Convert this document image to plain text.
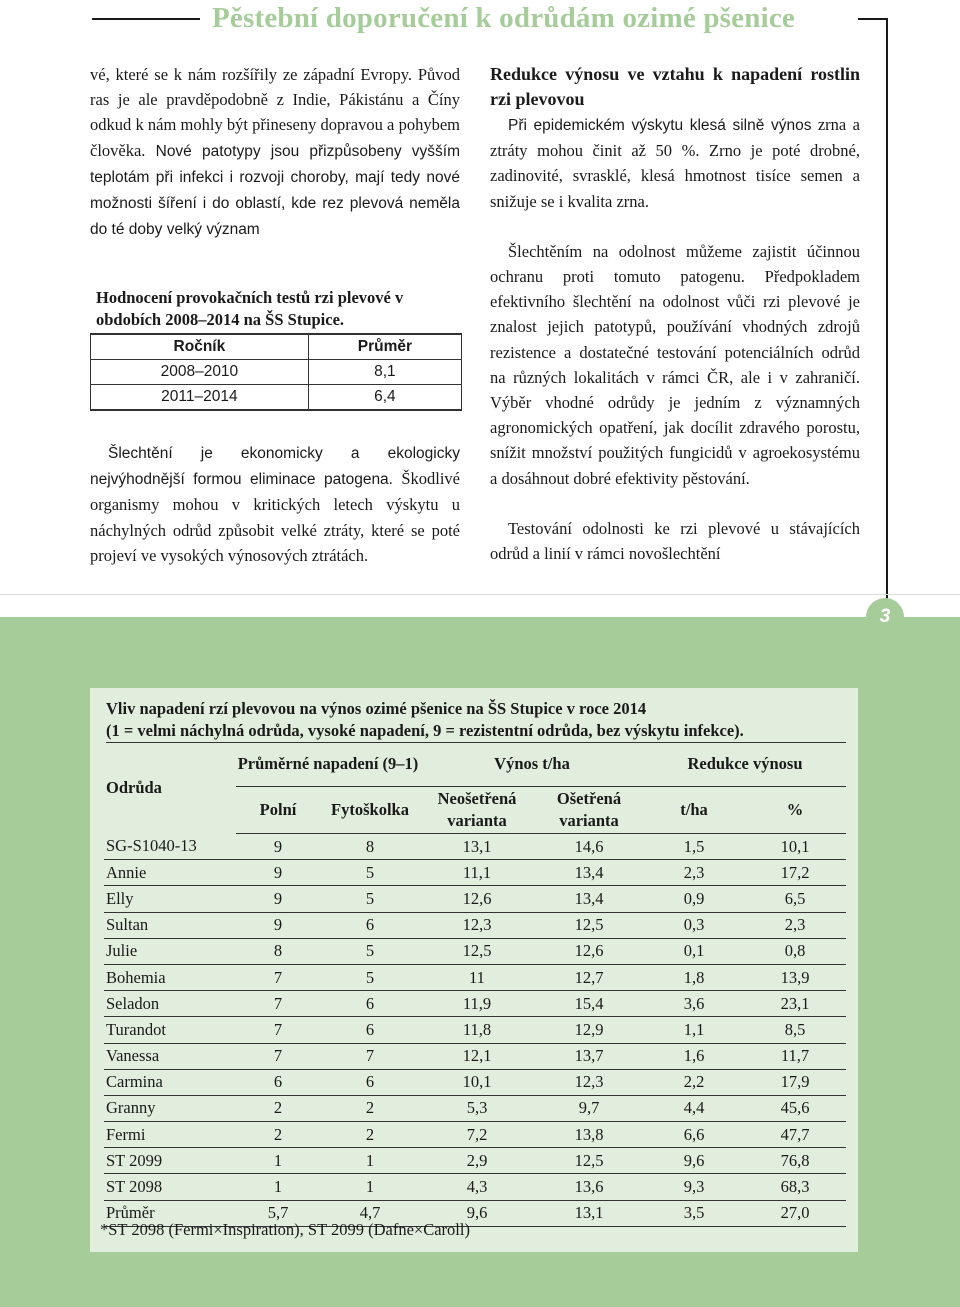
Pěstební doporučení k odrůdám ozimé pšenice

vé, které se k nám rozšířily ze západní Evropy. Původ ras je ale pravděpodobně z Indie, Pákistánu a Číny odkud k nám mohly být přineseny dopravou a pohybem člověka. Nové patotypy jsou přizpůsobeny vyšším teplotám při infekci i rozvoji choroby, mají tedy nové možnosti šíření i do oblastí, kde rez plevová neměla do té doby velký význam

Hodnocení provokačních testů rzi plevové v obdobích 2008–2014 na ŠS Stupice.
Ročník	Průměr
2008–2010	8,1
2011–2014	6,4

Šlechtění je ekonomicky a ekologicky nejvýhodnější formou eliminace patogena. Škodlivé organismy mohou v kritických letech výskytu u náchylných odrůd způsobit velké ztráty, které se poté projeví ve vysokých výnosových ztrátách.

Redukce výnosu ve vztahu k napadení rostlin rzi plevovou

Při epidemickém výskytu klesá silně výnos zrna a ztráty mohou činit až 50 %. Zrno je poté drobné, zadinovité, svrasklé, klesá hmotnost tisíce semen a snižuje se i kvalita zrna.

Šlechtěním na odolnost můžeme zajistit účinnou ochranu proti tomuto patogenu. Předpokladem efektivního šlechtění na odolnost vůči rzi plevové je znalost jejich patotypů, používání vhodných zdrojů rezistence a dostatečné testování potenciálních odrůd na různých lokalitách v rámci ČR, ale i v zahraničí. Výběr vhodné odrůdy je jedním z významných agronomických opatření, jak docílit zdravého porostu, snížit množství použitých fungicidů v agroekosystému a dosáhnout dobré efektivity pěstování.

Testování odolnosti ke rzi plevové u stávajících odrůd a linií v rámci novošlechtění

3
Vliv napadení rzí plevovou na výnos ozimé pšenice na ŠS Stupice v roce 2014
(1 = velmi náchylná odrůda, vysoké napadení, 9 = rezistentní odrůda, bez výskytu infekce).
Odrůda	Průměrné napadení (9–1)		Výnos t/ha		Redukce výnosu	
	Polní	Fytoškolka	Neošetřená varianta	Ošetřená varianta	t/ha	%
SG-S1040-13	9	8	13,1	14,6	1,5	10,1
Annie	9	5	11,1	13,4	2,3	17,2
Elly	9	5	12,6	13,4	0,9	6,5
Sultan	9	6	12,3	12,5	0,3	2,3
Julie	8	5	12,5	12,6	0,1	0,8
Bohemia	7	5	11	12,7	1,8	13,9
Seladon	7	6	11,9	15,4	3,6	23,1
Turandot	7	6	11,8	12,9	1,1	8,5
Vanessa	7	7	12,1	13,7	1,6	11,7
Carmina	6	6	10,1	12,3	2,2	17,9
Granny	2	2	5,3	9,7	4,4	45,6
Fermi	2	2	7,2	13,8	6,6	47,7
ST 2099	1	1	2,9	12,5	9,6	76,8
ST 2098	1	1	4,3	13,6	9,3	68,3
Průměr	5,7	4,7	9,6	13,1	3,5	27,0
*ST 2098 (Fermi×Inspiration), ST 2099 (Dafne×Caroll)
